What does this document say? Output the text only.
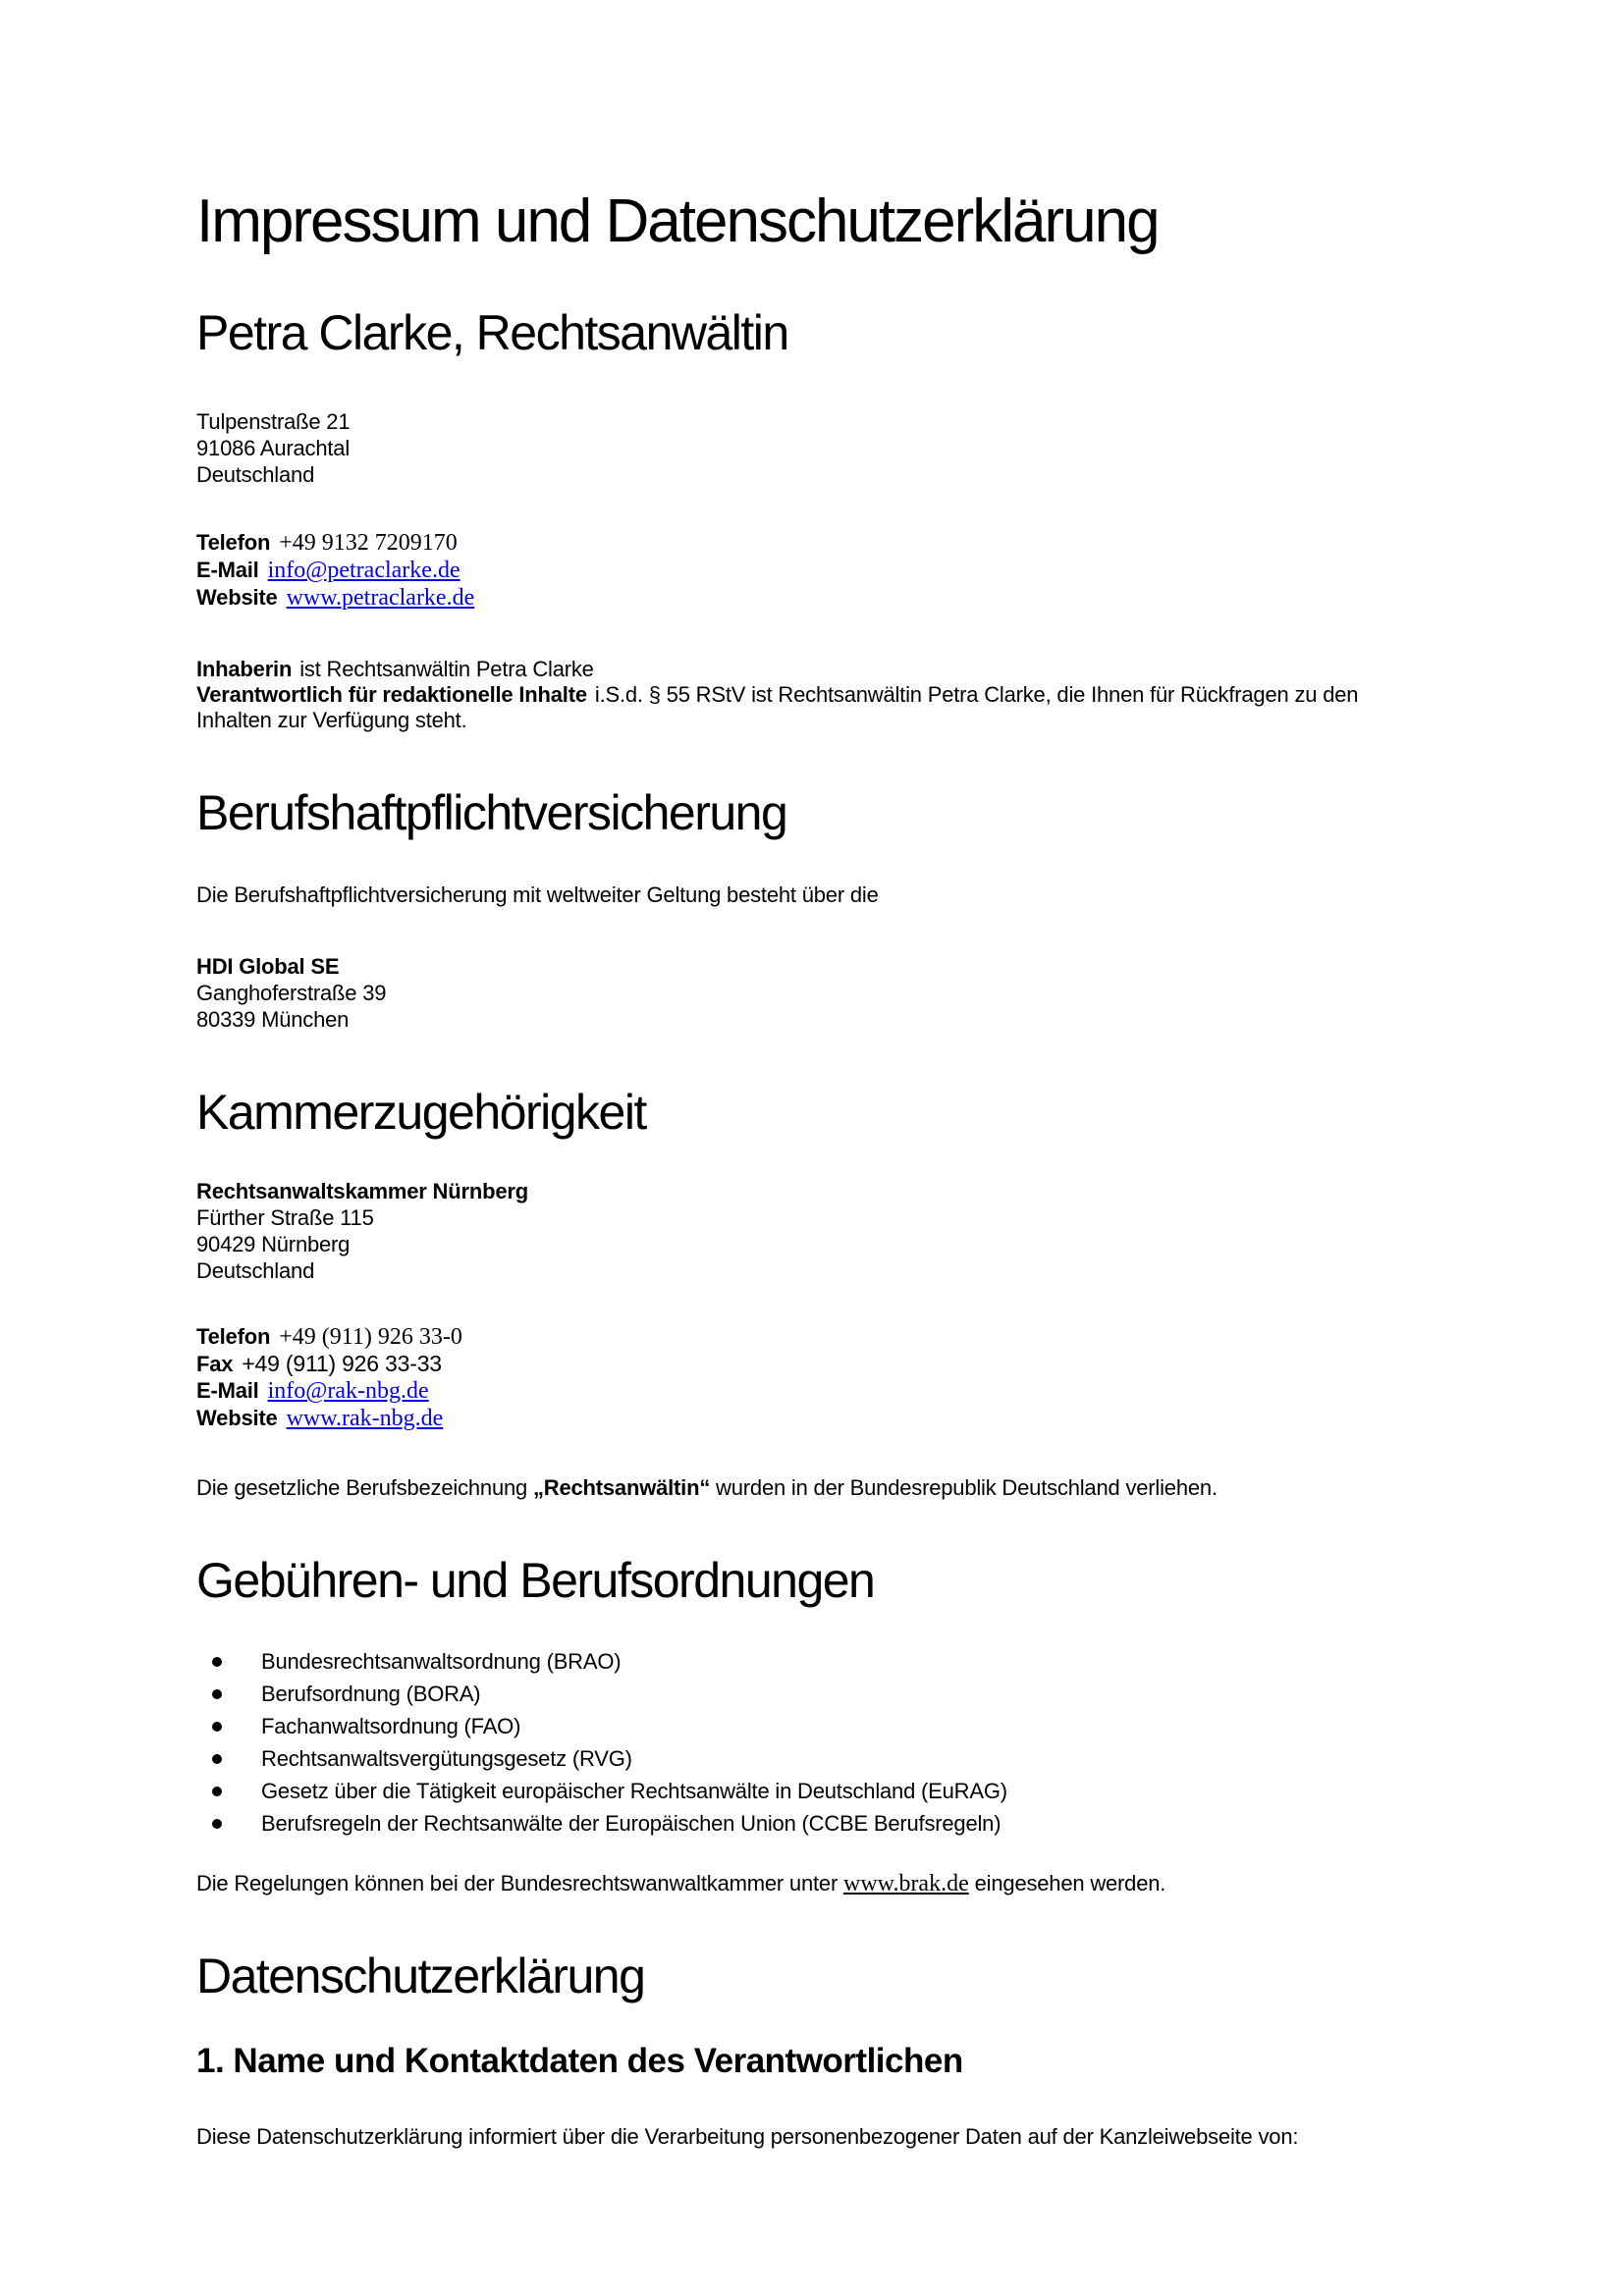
Impressum und Datenschutzerklärung
Petra Clarke, Rechtsanwältin
Tulpenstraße 21
91086 Aurachtal
Deutschland
Telefon +49 9132 7209170
E-Mail info@petraclarke.de
Website www.petraclarke.de
Inhaberin ist Rechtsanwältin Petra Clarke
Verantwortlich für redaktionelle Inhalte i.S.d. § 55 RStV ist Rechtsanwältin Petra Clarke, die Ihnen für Rückfragen zu den Inhalten zur Verfügung steht.
Berufshaftpflichtversicherung

Die Berufshaftpflichtversicherung mit weltweiter Geltung besteht über die

HDI Global SE
Ganghoferstraße 39
80339 München
Kammerzugehörigkeit
Rechtsanwaltskammer Nürnberg
Fürther Straße 115
90429 Nürnberg
Deutschland
Telefon +49 (911) 926 33-0
Fax +49 (911) 926 33-33
E-Mail info@rak-nbg.de
Website www.rak-nbg.de

Die gesetzliche Berufsbezeichnung „Rechtsanwältin“ wurden in der Bundesrepublik Deutschland verliehen.

Gebühren- und Berufsordnungen
Bundesrechtsanwaltsordnung (BRAO)
Berufsordnung (BORA)
Fachanwaltsordnung (FAO)
Rechtsanwaltsvergütungsgesetz (RVG)
Gesetz über die Tätigkeit europäischer Rechtsanwälte in Deutschland (EuRAG)
Berufsregeln der Rechtsanwälte der Europäischen Union (CCBE Berufsregeln)

Die Regelungen können bei der Bundesrechtswanwaltkammer unter www.brak.de eingesehen werden.

Datenschutzerklärung
1. Name und Kontaktdaten des Verantwortlichen

Diese Datenschutzerklärung informiert über die Verarbeitung personenbezogener Daten auf der Kanzleiwebseite von:
